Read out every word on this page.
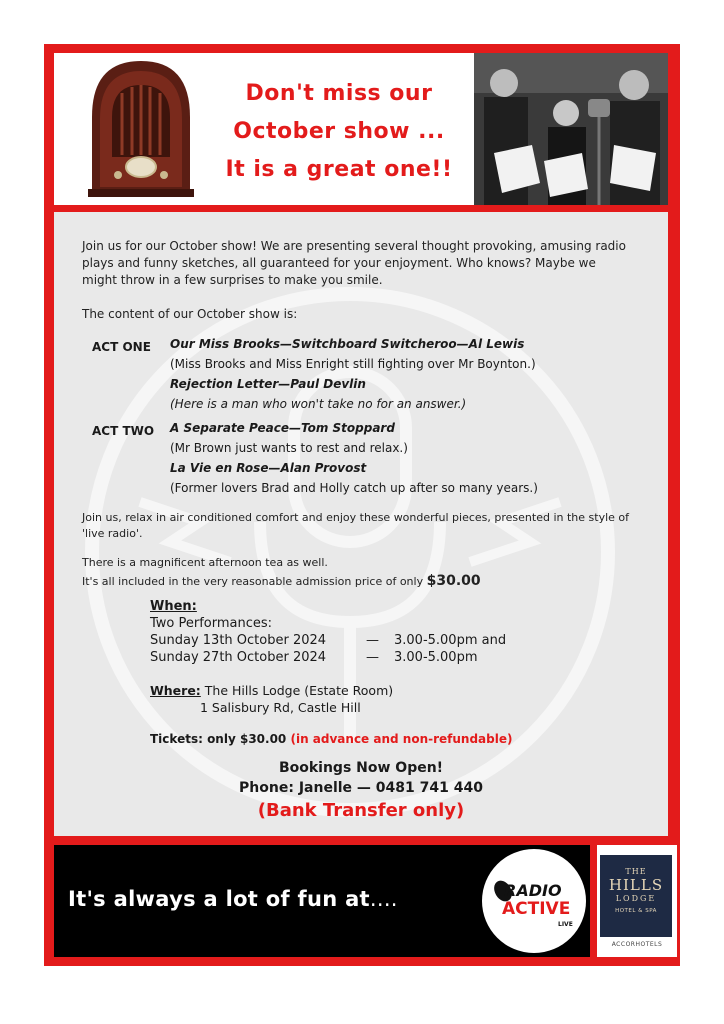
Don't miss our
October show ...
It is a great one!!
Join us for our October show! We are presenting several thought provoking, amusing radio plays and funny sketches, all guaranteed for your enjoyment. Who knows? Maybe we might throw in a few surprises to make you smile.
The content of our October show is:
ACT ONE Our Miss Brooks—Switchboard Switcheroo—Al Lewis
(Miss Brooks and Miss Enright still fighting over Mr Boynton.)
Rejection Letter—Paul Devlin
(Here is a man who won't take no for an answer.)
ACT TWO A Separate Peace—Tom Stoppard
(Mr Brown just wants to rest and relax.)
La Vie en Rose—Alan Provost
(Former lovers Brad and Holly catch up after so many years.)
Join us, relax in air conditioned comfort and enjoy these wonderful pieces, presented in the style of 'live radio'.
There is a magnificent afternoon tea as well.
It's all included in the very reasonable admission price of only $30.00
When:
Two Performances:
Sunday 13th October 2024	— 3.00-5.00pm and
Sunday 27th October 2024	— 3.00-5.00pm
Where: The Hills Lodge (Estate Room)
1 Salisbury Rd, Castle Hill
Tickets: only $30.00 (in advance and non-refundable)
Bookings Now Open!
Phone: Janelle — 0481 741 440
(Bank Transfer only)
It's always a lot of fun at....	RADIO
ACTIVE
LIVE
THE
HILLS
LODGE
HOTEL & SPA
ACCORHOTELS
